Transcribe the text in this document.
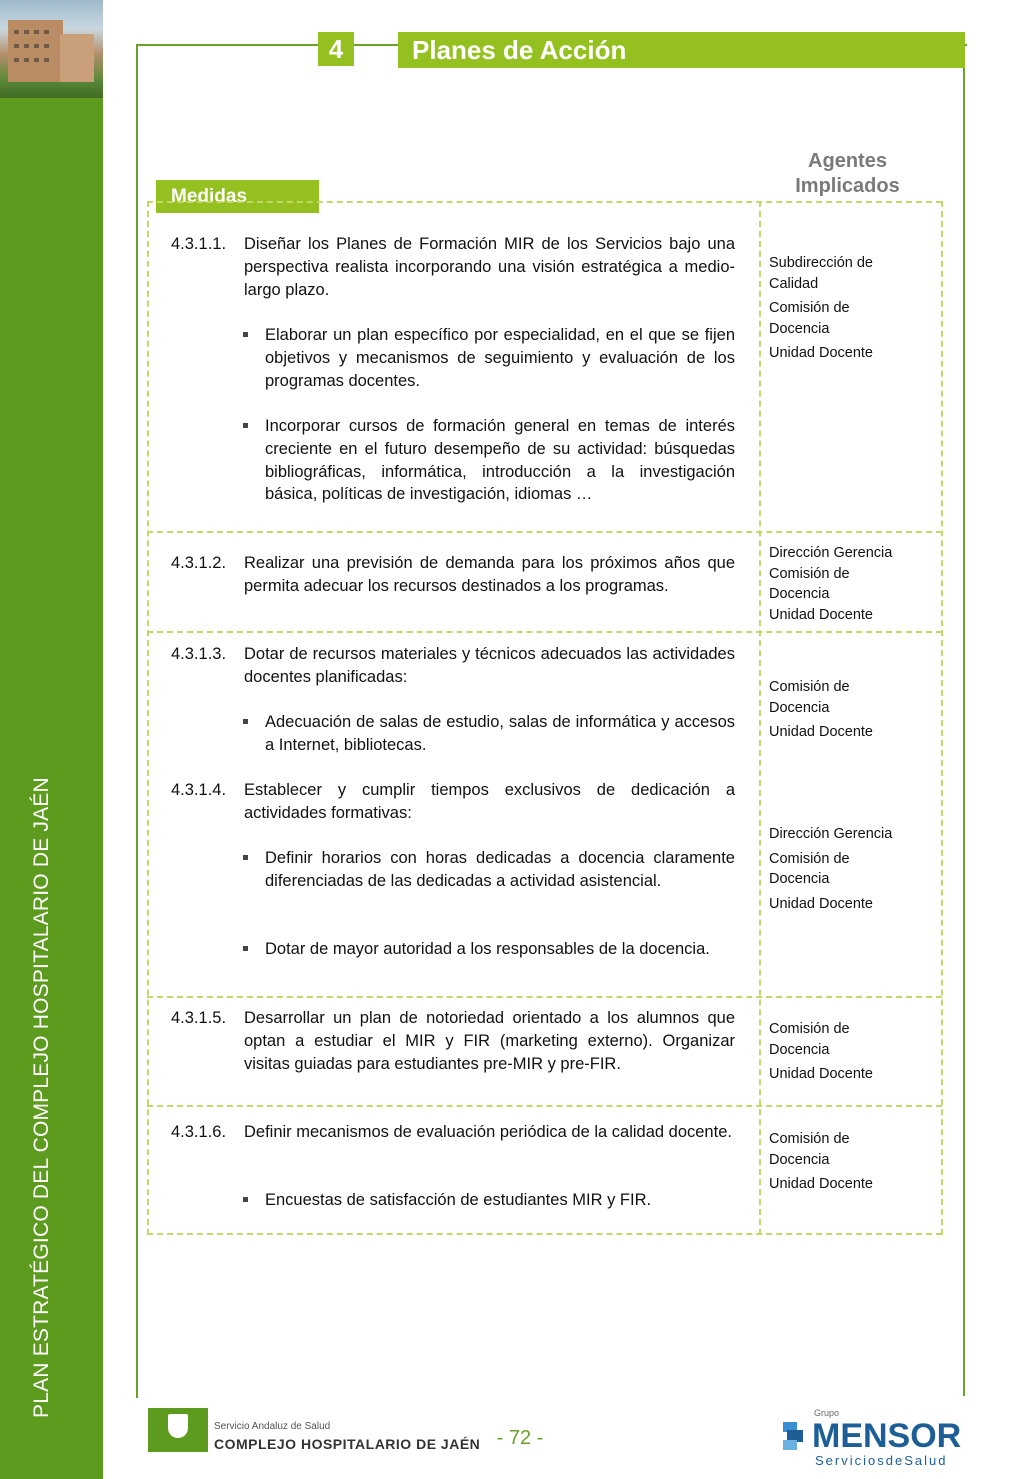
PLAN ESTRATÉGICO DEL COMPLEJO HOSPITALARIO DE JAÉN
4	Planes de Acción
Medidas
Agentes Implicados
4.3.1.1. Diseñar los Planes de Formación MIR de los Servicios bajo una perspectiva realista incorporando una visión estratégica a medio-largo plazo.
Elaborar un plan específico por especialidad, en el que se fijen objetivos y mecanismos de seguimiento y evaluación de los programas docentes.
Incorporar cursos de formación general en temas de interés creciente en el futuro desempeño de su actividad: búsquedas bibliográficas, informática, introducción a la investigación básica, políticas de investigación, idiomas …
Subdirección de Calidad
Comisión de Docencia
Unidad Docente
4.3.1.2. Realizar una previsión de demanda para los próximos años que permita adecuar los recursos destinados a los programas.
Dirección Gerencia
Comisión de Docencia
Unidad Docente
4.3.1.3. Dotar de recursos materiales y técnicos adecuados las actividades docentes planificadas:
Adecuación de salas de estudio, salas de informática y accesos a Internet, bibliotecas.
Comisión de Docencia
Unidad Docente
4.3.1.4. Establecer y cumplir tiempos exclusivos de dedicación a actividades formativas:
Definir horarios con horas dedicadas a docencia claramente diferenciadas de las dedicadas a actividad asistencial.
Dotar de mayor autoridad a los responsables de la docencia.
Dirección Gerencia
Comisión de Docencia
Unidad Docente
4.3.1.5. Desarrollar un plan de notoriedad orientado a los alumnos que optan a estudiar el MIR y FIR (marketing externo). Organizar visitas guiadas para estudiantes pre-MIR y pre-FIR.
Comisión de Docencia
Unidad Docente
4.3.1.6. Definir mecanismos de evaluación periódica de la calidad docente.
Encuestas de satisfacción de estudiantes MIR y FIR.
Comisión de Docencia
Unidad Docente
Servicio Andaluz de Salud
COMPLEJO HOSPITALARIO DE JAÉN - 72 -
Grupo
MENSOR
ServiciosdeSalud
